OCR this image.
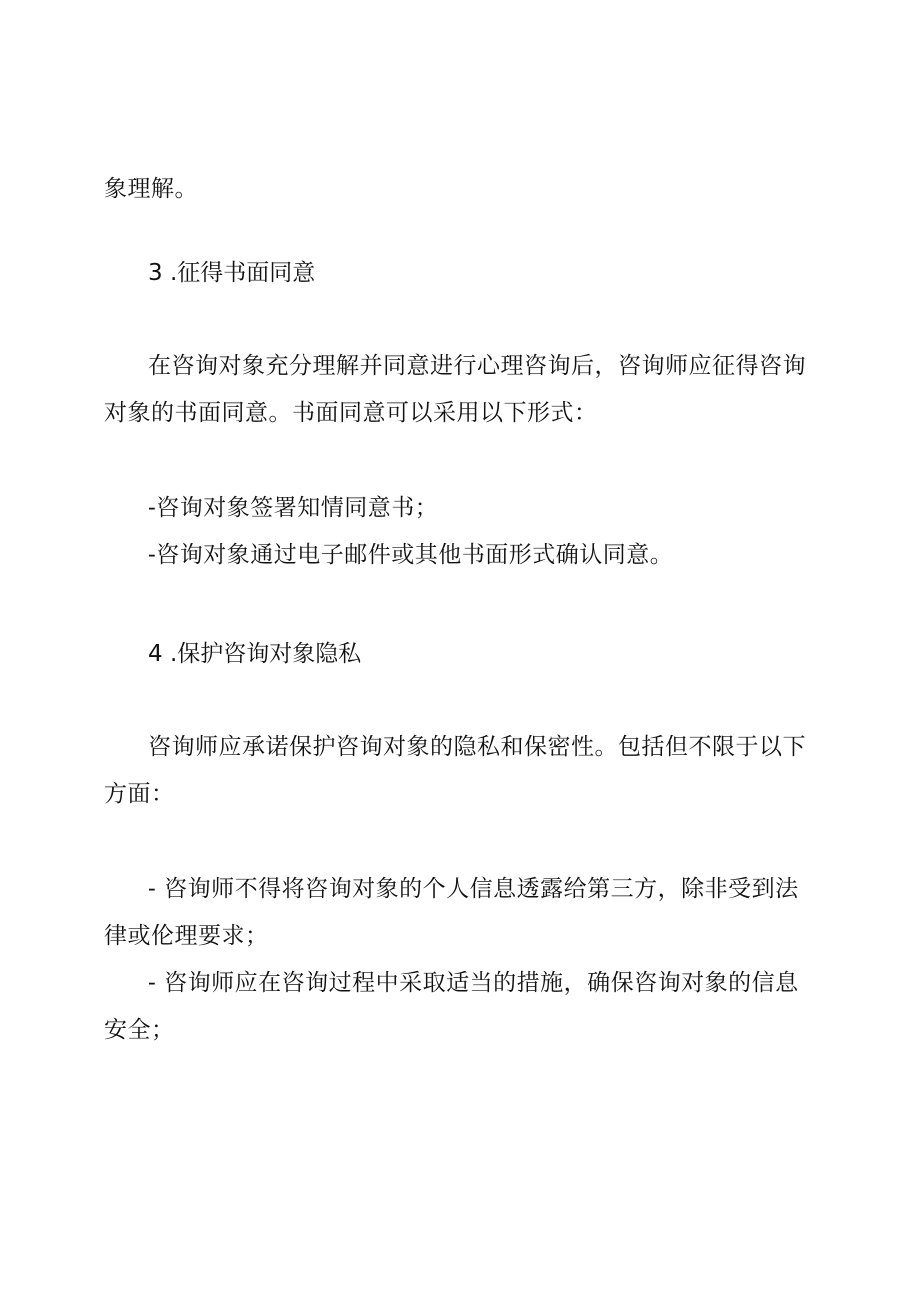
象理解。

3 .征得书面同意

在咨询对象充分理解并同意进行心理咨询后，咨询师应征得咨询

对象的书面同意。书面同意可以采用以下形式：

-咨询对象签署知情同意书；

-咨询对象通过电子邮件或其他书面形式确认同意。

4 .保护咨询对象隐私

咨询师应承诺保护咨询对象的隐私和保密性。包括但不限于以下

方面：

- 咨询师不得将咨询对象的个人信息透露给第三方，除非受到法

律或伦理要求；

- 咨询师应在咨询过程中采取适当的措施，确保咨询对象的信息

安全；
